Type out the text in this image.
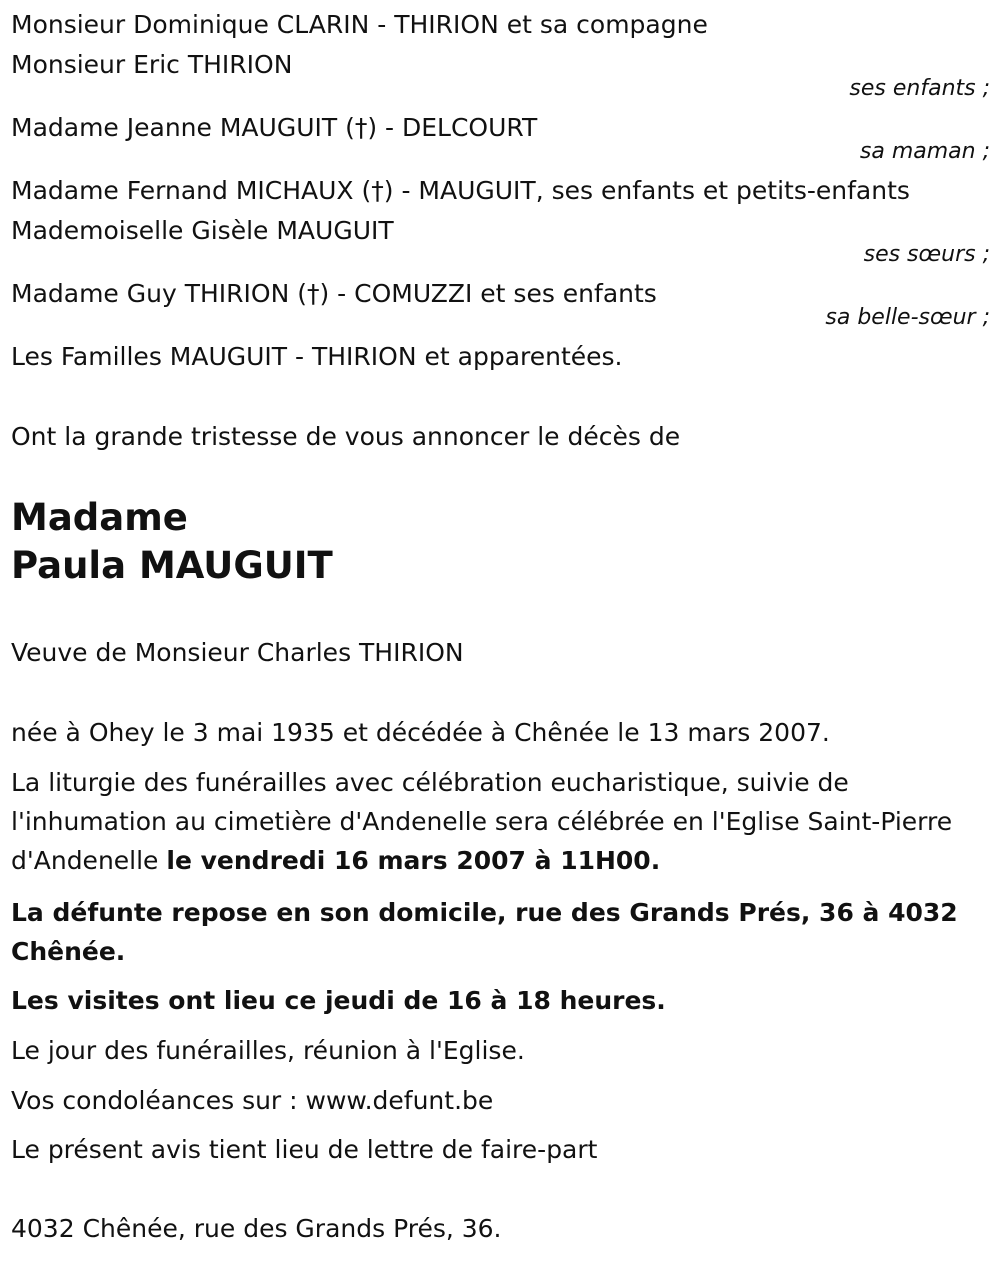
Monsieur Dominique CLARIN - THIRION et sa compagne
Monsieur Eric THIRION
ses enfants ;
Madame Jeanne MAUGUIT (†) - DELCOURT
sa maman ;
Madame Fernand MICHAUX (†) - MAUGUIT, ses enfants et petits-enfants
Mademoiselle Gisèle MAUGUIT
ses sœurs ;
Madame Guy THIRION (†) - COMUZZI et ses enfants
sa belle-sœur ;
Les Familles MAUGUIT - THIRION et apparentées.
Ont la grande tristesse de vous annoncer le décès de
Madame
Paula MAUGUIT
Veuve de Monsieur Charles THIRION
née à Ohey le 3 mai 1935 et décédée à Chênée le 13 mars 2007.
La liturgie des funérailles avec célébration eucharistique, suivie de l'inhumation au cimetière d'Andenelle sera célébrée en l'Eglise Saint-Pierre d'Andenelle le vendredi 16 mars 2007 à 11H00.
La défunte repose en son domicile, rue des Grands Prés, 36 à 4032 Chênée.
Les visites ont lieu ce jeudi de 16 à 18 heures.
Le jour des funérailles, réunion à l'Eglise.
Vos condoléances sur : www.defunt.be
Le présent avis tient lieu de lettre de faire-part
4032 Chênée, rue des Grands Prés, 36.
